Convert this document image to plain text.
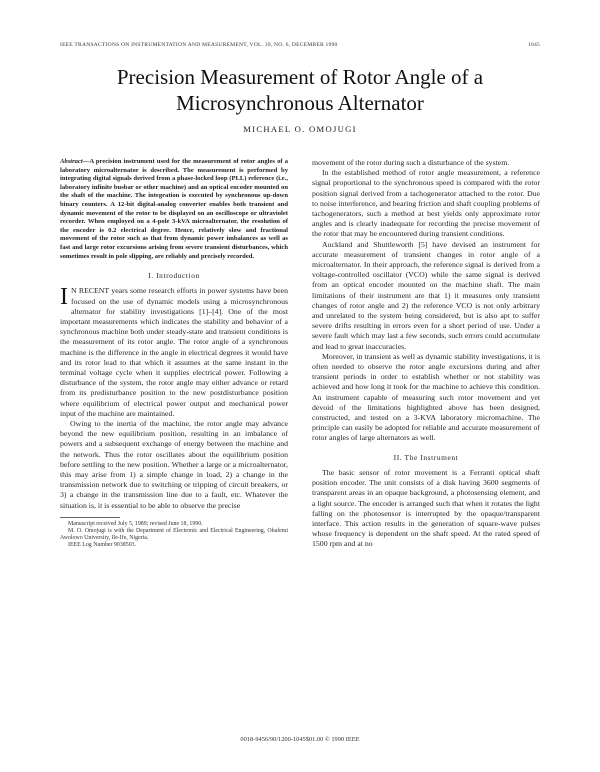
IEEE TRANSACTIONS ON INSTRUMENTATION AND MEASUREMENT, VOL. 39, NO. 6, DECEMBER 1990	1045
Precision Measurement of Rotor Angle of a
Microsynchronous Alternator
MICHAEL O. OMOJUGI
Abstract—A precision instrument used for the measurement of rotor angles of a laboratory microalternator is described. The measurement is performed by integrating digital signals derived from a phase-locked loop (PLL) reference (i.e., laboratory infinite busbar or other machine) and an optical encoder mounted on the shaft of the machine. The integration is executed by synchronous up-down binary counters. A 12-bit digital-analog converter enables both transient and dynamic movement of the rotor to be displayed on an oscilloscope or ultraviolet recorder. When employed on a 4-pole 3-kVA microalternator, the resolution of the encoder is 0.2 electrical degree. Hence, relatively slow and fractional movement of the rotor such as that from dynamic power imbalances as well as fast and large rotor excursions arising from severe transient disturbances, which sometimes result in pole slipping, are reliably and precisely recorded.
I. Introduction

I N RECENT years some research efforts in power systems have been focused on the use of dynamic models using a microsynchronous alternator for stability investigations [1]–[4]. One of the most important measurements which indicates the stability and behavior of a synchronous machine both under steady-state and transient conditions is the measurement of its rotor angle. The rotor angle of a synchronous machine is the difference in the angle in electrical degrees it would have and its rotor lead to that which it assumes at the same instant in the terminal voltage cycle when it supplies electrical power. Following a disturbance of the system, the rotor angle may either advance or retard from its predisturbance position to the new postdisturbance position where equilibrium of electrical power output and mechanical power input of the machine are maintained.

Owing to the inertia of the machine, the rotor angle may advance beyond the new equilibrium position, resulting in an imbalance of powers and a subsequent exchange of energy between the machine and the network. Thus the rotor oscillates about the equilibrium position before settling to the new position. Whether a large or a microalternator, this may arise from 1) a simple change in load, 2) a change in the transmission network due to switching or tripping of circuit breakers, or 3) a change in the transmission line due to a fault, etc. Whatever the situation is, it is essential to be able to observe the precise

Manuscript received July 5, 1989; revised June 18, 1990.
M. O. Omojugi is with the Department of Electronic and Electrical Engineering, Obafemi Awolowo University, Ile-Ife, Nigeria.
IEEE Log Number 9038503.

movement of the rotor during such a disturbance of the system.

In the established method of rotor angle measurement, a reference signal proportional to the synchronous speed is compared with the rotor position signal derived from a tachogenerator attached to the rotor. Due to noise interference, and bearing friction and shaft coupling problems of tachogenerators, such a method at best yields only approximate rotor angles and is clearly inadequate for recording the precise movement of the rotor that may be encountered during transient conditions.

Auckland and Shuttleworth [5] have devised an instrument for accurate measurement of transient changes in rotor angle of a microalternator. In their approach, the reference signal is derived from a voltage-controlled oscillator (VCO) while the same signal is derived from an optical encoder mounted on the machine shaft. The main limitations of their instrument are that 1) it measures only transient changes of rotor angle and 2) the reference VCO is not only arbitrary and unrelated to the system being considered, but is also apt to suffer severe drifts resulting in errors even for a short period of use. Under a severe fault which may last a few seconds, such errors could accumulate and lead to great inaccuracies.

Moreover, in transient as well as dynamic stability investigations, it is often needed to observe the rotor angle excursions during and after transient periods in order to establish whether or not stability was achieved and how long it took for the machine to achieve this condition. An instrument capable of measuring such rotor movement and yet devoid of the limitations highlighted above has been designed, constructed, and tested on a 3-KVA laboratory micromachine. The principle can easily be adopted for reliable and accurate measurement of rotor angles of large alternators as well.

II. The Instrument

The basic sensor of rotor movement is a Ferranti optical shaft position encoder. The unit consists of a disk having 3600 segments of transparent areas in an opaque background, a photosensing element, and a light source. The encoder is arranged such that when it rotates the light falling on the photosensor is interrupted by the opaque/transparent interface. This action results in the generation of square-wave pulses whose frequency is dependent on the shaft speed. At the rated speed of 1500 rpm and at no

0018-9456/90/1200-1045$01.00 © 1990 IEEE
